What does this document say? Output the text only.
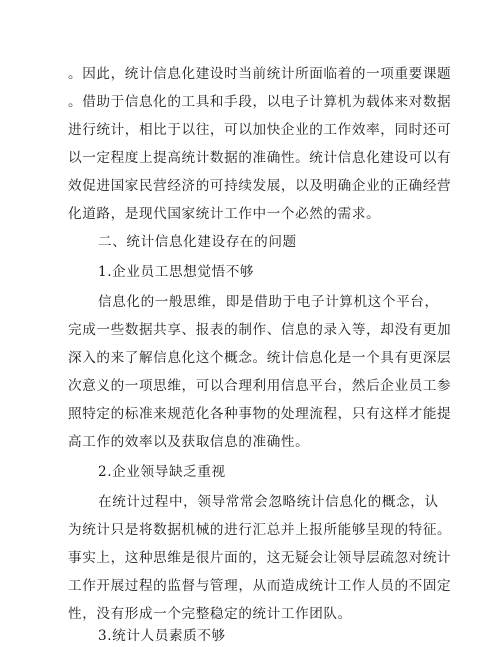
。因此，统计信息化建设时当前统计所面临着的一项重要课题
。借助于信息化的工具和手段，以电子计算机为载体来对数据
进行统计，相比于以往，可以加快企业的工作效率，同时还可
以一定程度上提高统计数据的准确性。统计信息化建设可以有
效促进国家民营经济的可持续发展，以及明确企业的正确经营
化道路，是现代国家统计工作中一个必然的需求。
二、统计信息化建设存在的问题
1.企业员工思想觉悟不够
信息化的一般思维，即是借助于电子计算机这个平台，
完成一些数据共享、报表的制作、信息的录入等，却没有更加
深入的来了解信息化这个概念。统计信息化是一个具有更深层
次意义的一项思维，可以合理利用信息平台，然后企业员工参
照特定的标准来规范化各种事物的处理流程，只有这样才能提
高工作的效率以及获取信息的准确性。
2.企业领导缺乏重视
在统计过程中，领导常常会忽略统计信息化的概念，认
为统计只是将数据机械的进行汇总并上报所能够呈现的特征。
事实上，这种思维是很片面的，这无疑会让领导层疏忽对统计
工作开展过程的监督与管理，从而造成统计工作人员的不固定
性，没有形成一个完整稳定的统计工作团队。
3.统计人员素质不够
